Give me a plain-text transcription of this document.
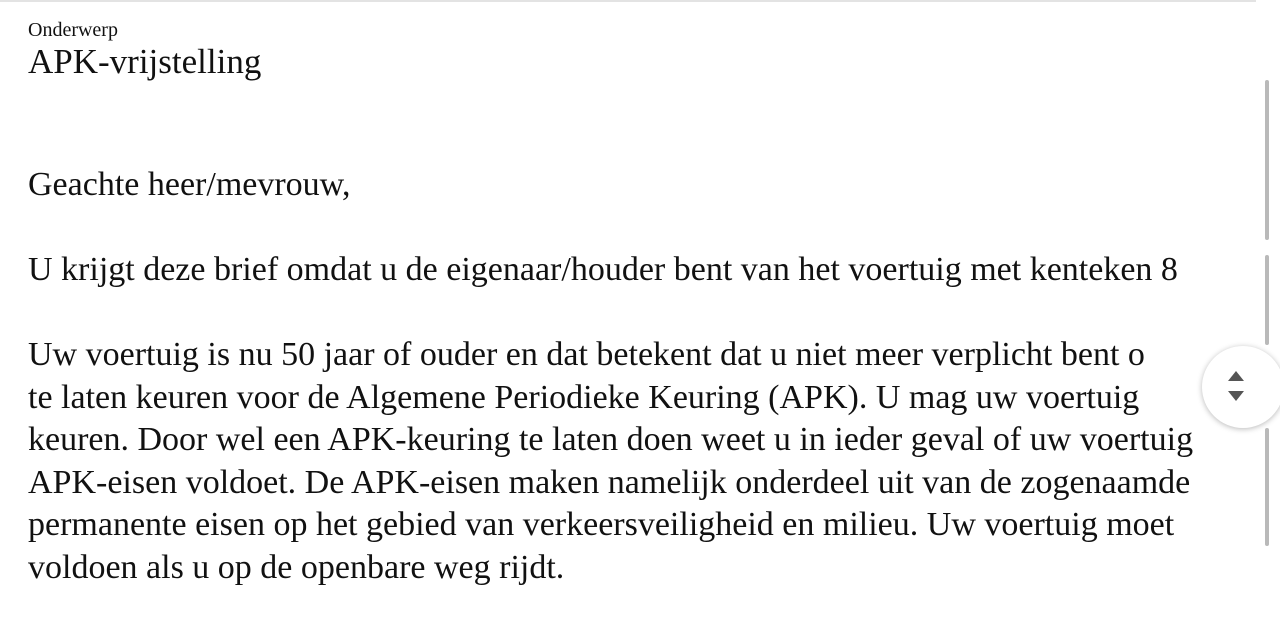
Onderwerp

APK-vrijstelling

Geachte heer/mevrouw,

U krijgt deze brief omdat u de eigenaar/houder bent van het voertuig met kenteken 8

Uw voertuig is nu 50 jaar of ouder en dat betekent dat u niet meer verplicht bent o
te laten keuren voor de Algemene Periodieke Keuring (APK). U mag uw voertuig
keuren. Door wel een APK-keuring te laten doen weet u in ieder geval of uw voertuig
APK-eisen voldoet. De APK-eisen maken namelijk onderdeel uit van de zogenaamde
permanente eisen op het gebied van verkeersveiligheid en milieu. Uw voertuig moet
voldoen als u op de openbare weg rijdt.
